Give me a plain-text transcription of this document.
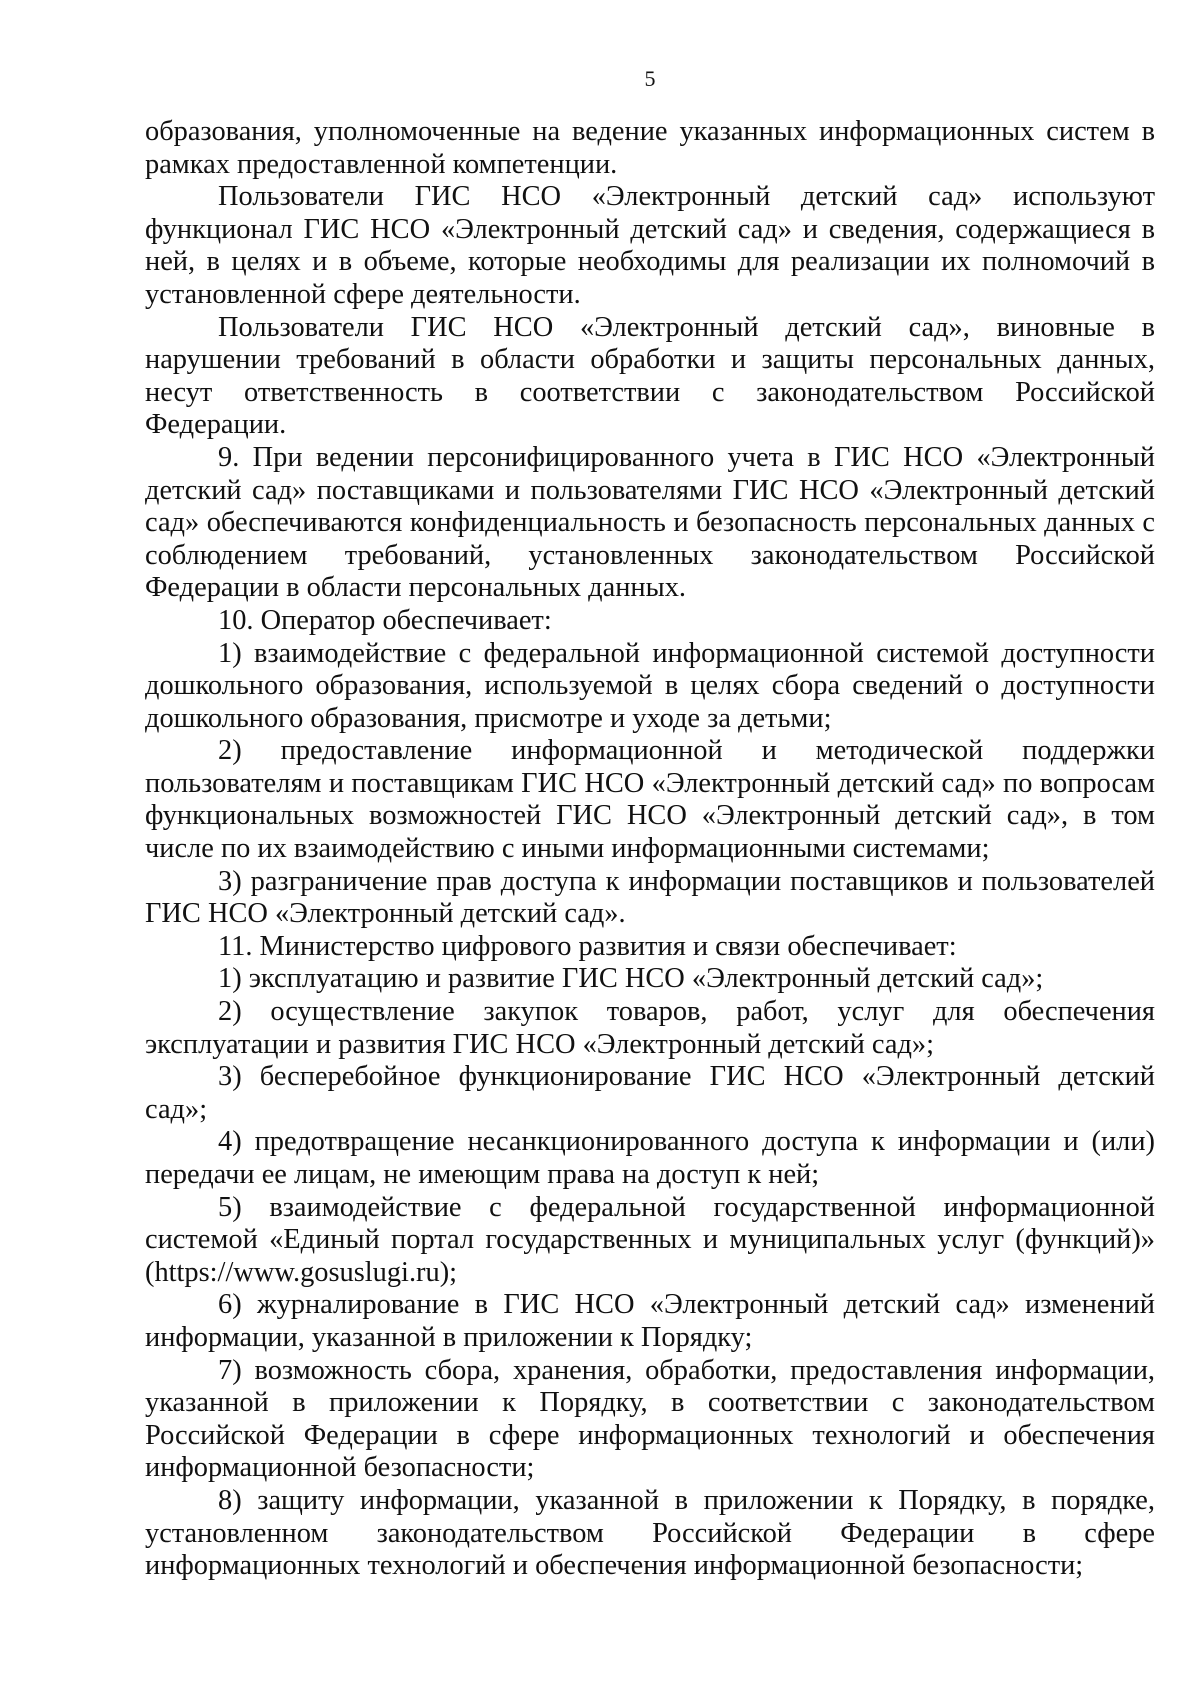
5

образования, уполномоченные на ведение указанных информационных систем в рамках предоставленной компетенции.

Пользователи ГИС НСО «Электронный детский сад» используют функционал ГИС НСО «Электронный детский сад» и сведения, содержащиеся в ней, в целях и в объеме, которые необходимы для реализации их полномочий в установленной сфере деятельности.

Пользователи ГИС НСО «Электронный детский сад», виновные в нарушении требований в области обработки и защиты персональных данных, несут ответственность в соответствии с законодательством Российской Федерации.

9. При ведении персонифицированного учета в ГИС НСО «Электронный детский сад» поставщиками и пользователями ГИС НСО «Электронный детский сад» обеспечиваются конфиденциальность и безопасность персональных данных с соблюдением требований, установленных законодательством Российской Федерации в области персональных данных.

10. Оператор обеспечивает:

1) взаимодействие с федеральной информационной системой доступности дошкольного образования, используемой в целях сбора сведений о доступности дошкольного образования, присмотре и уходе за детьми;

2) предоставление информационной и методической поддержки пользователям и поставщикам ГИС НСО «Электронный детский сад» по вопросам функциональных возможностей ГИС НСО «Электронный детский сад», в том числе по их взаимодействию с иными информационными системами;

3) разграничение прав доступа к информации поставщиков и пользователей ГИС НСО «Электронный детский сад».

11. Министерство цифрового развития и связи обеспечивает:

1) эксплуатацию и развитие ГИС НСО «Электронный детский сад»;

2) осуществление закупок товаров, работ, услуг для обеспечения эксплуатации и развития ГИС НСО «Электронный детский сад»;

3) бесперебойное функционирование ГИС НСО «Электронный детский сад»;

4) предотвращение несанкционированного доступа к информации и (или) передачи ее лицам, не имеющим права на доступ к ней;

5) взаимодействие с федеральной государственной информационной системой «Единый портал государственных и муниципальных услуг (функций)» (https://www.gosuslugi.ru);

6) журналирование в ГИС НСО «Электронный детский сад» изменений информации, указанной в приложении к Порядку;

7) возможность сбора, хранения, обработки, предоставления информации, указанной в приложении к Порядку, в соответствии с законодательством Российской Федерации в сфере информационных технологий и обеспечения информационной безопасности;

8) защиту информации, указанной в приложении к Порядку, в порядке, установленном законодательством Российской Федерации в сфере информационных технологий и обеспечения информационной безопасности;
